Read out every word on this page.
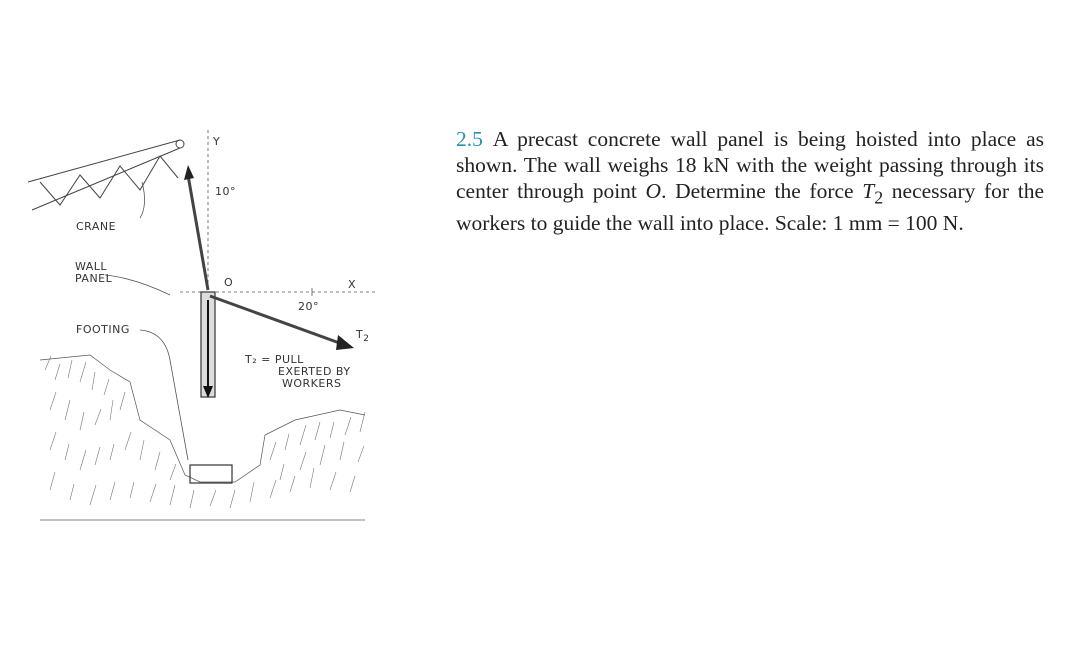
CRANE
WALL
PANEL
FOOTING
Y
X
O
10°
20°
$T_2$
T₂ = PULL
EXERTED BY
WORKERS
2.5 A precast concrete wall panel is being hoisted into place as shown. The wall weighs 18 kN with the weight passing through its center through point O. Determine the force $T_2$ necessary for the workers to guide the wall into place. Scale: 1 mm = 100 N.
